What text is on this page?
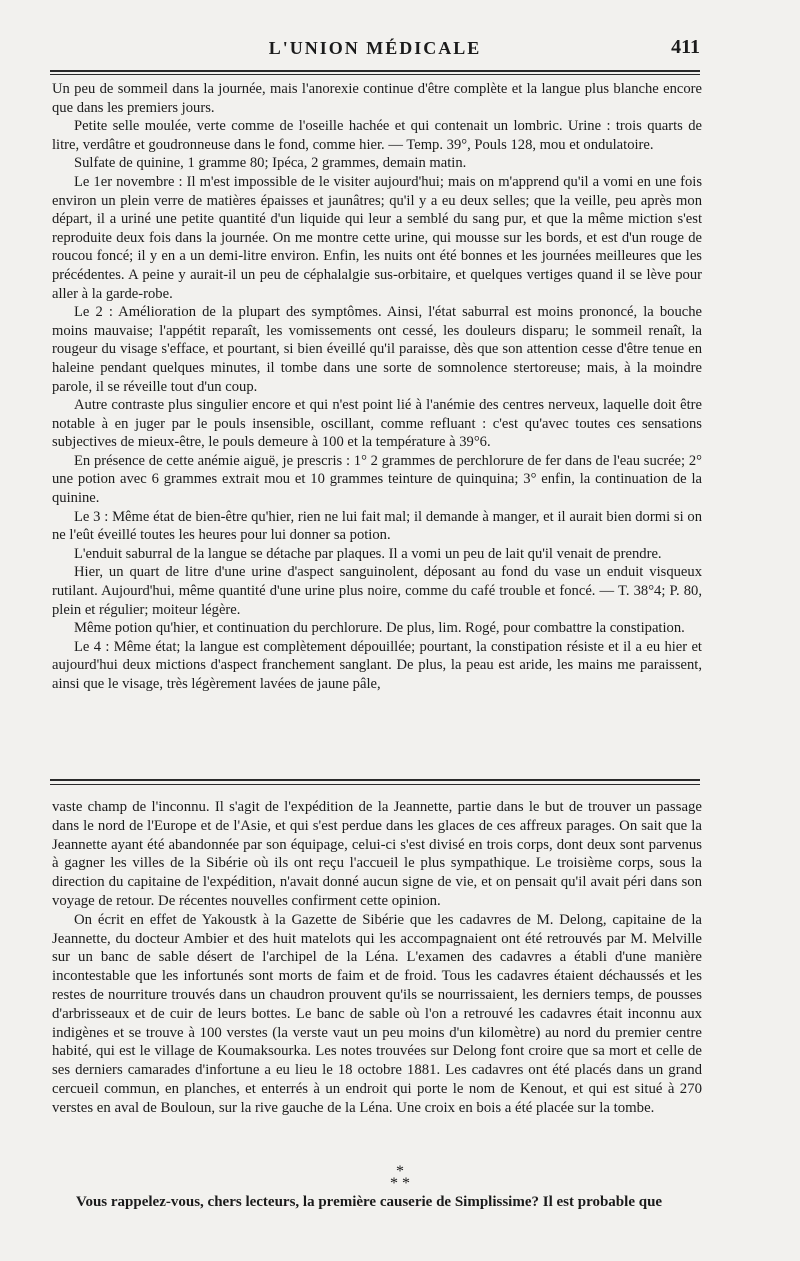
L'UNION MÉDICALE	411

Un peu de sommeil dans la journée, mais l'anorexie continue d'être complète et la langue plus blanche encore que dans les premiers jours.

Petite selle moulée, verte comme de l'oseille hachée et qui contenait un lombric. Urine : trois quarts de litre, verdâtre et goudronneuse dans le fond, comme hier. — Temp. 39°, Pouls 128, mou et ondulatoire.

Sulfate de quinine, 1 gramme 80; Ipéca, 2 grammes, demain matin.

Le 1er novembre : Il m'est impossible de le visiter aujourd'hui; mais on m'apprend qu'il a vomi en une fois environ un plein verre de matières épaisses et jaunâtres; qu'il y a eu deux selles; que la veille, peu après mon départ, il a uriné une petite quantité d'un liquide qui leur a semblé du sang pur, et que la même miction s'est reproduite deux fois dans la journée. On me montre cette urine, qui mousse sur les bords, et est d'un rouge de roucou foncé; il y en a un demi-litre environ. Enfin, les nuits ont été bonnes et les journées meilleures que les précédentes. A peine y aurait-il un peu de céphalalgie sus-orbitaire, et quelques vertiges quand il se lève pour aller à la garde-robe.

Le 2 : Amélioration de la plupart des symptômes. Ainsi, l'état saburral est moins prononcé, la bouche moins mauvaise; l'appétit reparaît, les vomissements ont cessé, les douleurs disparu; le sommeil renaît, la rougeur du visage s'efface, et pourtant, si bien éveillé qu'il paraisse, dès que son attention cesse d'être tenue en haleine pendant quelques minutes, il tombe dans une sorte de somnolence stertoreuse; mais, à la moindre parole, il se réveille tout d'un coup.

Autre contraste plus singulier encore et qui n'est point lié à l'anémie des centres nerveux, laquelle doit être notable à en juger par le pouls insensible, oscillant, comme refluant : c'est qu'avec toutes ces sensations subjectives de mieux-être, le pouls demeure à 100 et la température à 39°6.

En présence de cette anémie aiguë, je prescris : 1° 2 grammes de perchlorure de fer dans de l'eau sucrée; 2° une potion avec 6 grammes extrait mou et 10 grammes teinture de quinquina; 3° enfin, la continuation de la quinine.

Le 3 : Même état de bien-être qu'hier, rien ne lui fait mal; il demande à manger, et il aurait bien dormi si on ne l'eût éveillé toutes les heures pour lui donner sa potion.

L'enduit saburral de la langue se détache par plaques. Il a vomi un peu de lait qu'il venait de prendre.

Hier, un quart de litre d'une urine d'aspect sanguinolent, déposant au fond du vase un enduit visqueux rutilant. Aujourd'hui, même quantité d'une urine plus noire, comme du café trouble et foncé. — T. 38°4; P. 80, plein et régulier; moiteur légère.

Même potion qu'hier, et continuation du perchlorure. De plus, lim. Rogé, pour combattre la constipation.

Le 4 : Même état; la langue est complètement dépouillée; pourtant, la constipation résiste et il a eu hier et aujourd'hui deux mictions d'aspect franchement sanglant. De plus, la peau est aride, les mains me paraissent, ainsi que le visage, très légèrement lavées de jaune pâle,

vaste champ de l'inconnu. Il s'agit de l'expédition de la Jeannette, partie dans le but de trouver un passage dans le nord de l'Europe et de l'Asie, et qui s'est perdue dans les glaces de ces affreux parages. On sait que la Jeannette ayant été abandonnée par son équipage, celui-ci s'est divisé en trois corps, dont deux sont parvenus à gagner les villes de la Sibérie où ils ont reçu l'accueil le plus sympathique. Le troisième corps, sous la direction du capitaine de l'expédition, n'avait donné aucun signe de vie, et on pensait qu'il avait péri dans son voyage de retour. De récentes nouvelles confirment cette opinion.

On écrit en effet de Yakoustk à la Gazette de Sibérie que les cadavres de M. Delong, capitaine de la Jeannette, du docteur Ambier et des huit matelots qui les accompagnaient ont été retrouvés par M. Melville sur un banc de sable désert de l'archipel de la Léna. L'examen des cadavres a établi d'une manière incontestable que les infortunés sont morts de faim et de froid. Tous les cadavres étaient déchaussés et les restes de nourriture trouvés dans un chaudron prouvent qu'ils se nourrissaient, les derniers temps, de pousses d'arbrisseaux et de cuir de leurs bottes. Le banc de sable où l'on a retrouvé les cadavres était inconnu aux indigènes et se trouve à 100 verstes (la verste vaut un peu moins d'un kilomètre) au nord du premier centre habité, qui est le village de Koumaksourka. Les notes trouvées sur Delong font croire que sa mort et celle de ses derniers camarades d'infortune a eu lieu le 18 octobre 1881. Les cadavres ont été placés dans un grand cercueil commun, en planches, et enterrés à un endroit qui porte le nom de Kenout, et qui est situé à 270 verstes en aval de Bouloun, sur la rive gauche de la Léna. Une croix en bois a été placée sur la tombe.

*
* *
Vous rappelez-vous, chers lecteurs, la première causerie de Simplissime? Il est probable que
